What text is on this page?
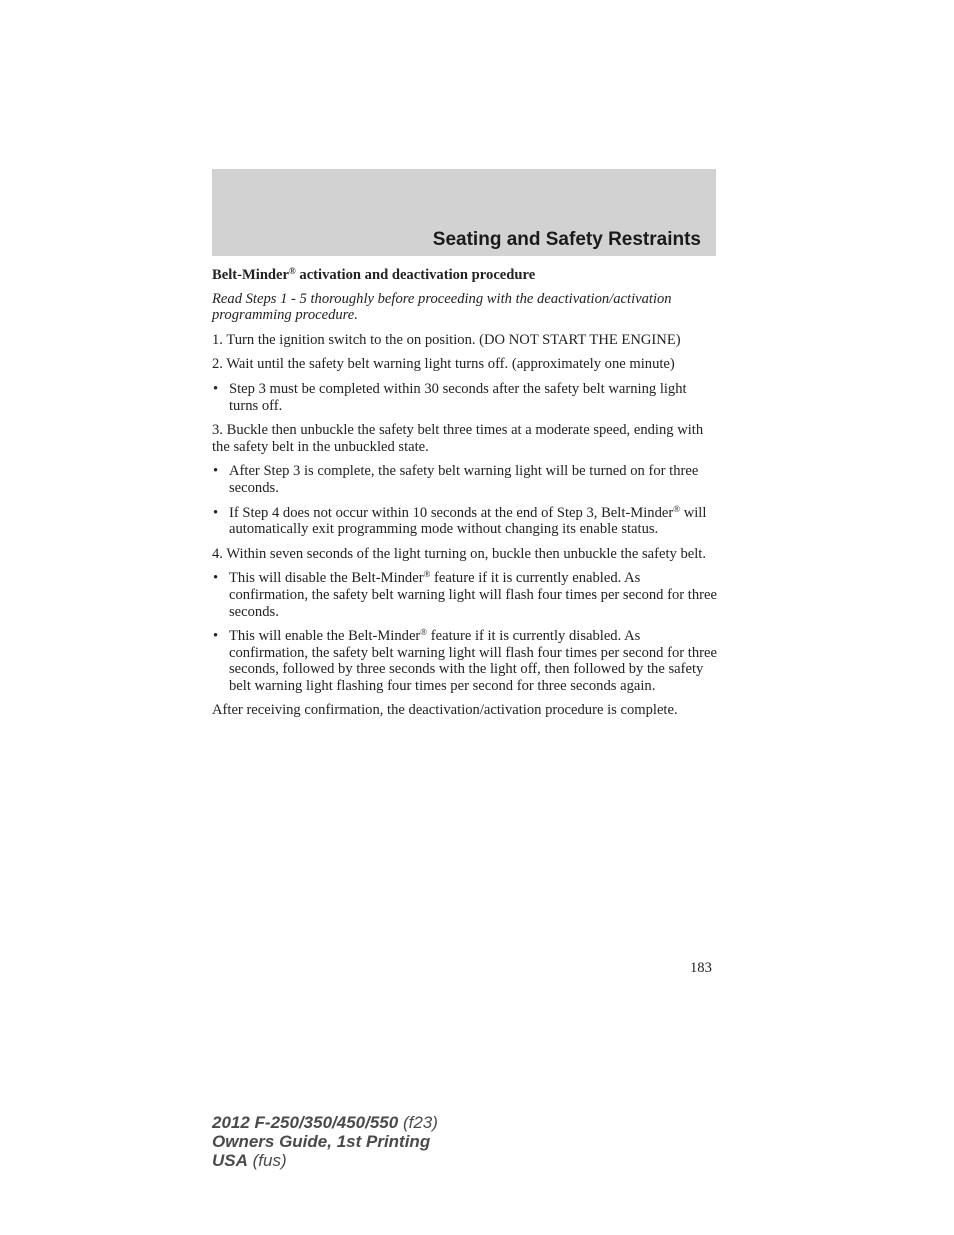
Seating and Safety Restraints

Belt-Minder® activation and deactivation procedure

Read Steps 1 - 5 thoroughly before proceeding with the deactivation/activation programming procedure.

1. Turn the ignition switch to the on position. (DO NOT START THE ENGINE)

2. Wait until the safety belt warning light turns off. (approximately one minute)

• Step 3 must be completed within 30 seconds after the safety belt warning light turns off.

3. Buckle then unbuckle the safety belt three times at a moderate speed, ending with the safety belt in the unbuckled state.

• After Step 3 is complete, the safety belt warning light will be turned on for three seconds.
• If Step 4 does not occur within 10 seconds at the end of Step 3, Belt-Minder® will automatically exit programming mode without changing its enable status.

4. Within seven seconds of the light turning on, buckle then unbuckle the safety belt.

• This will disable the Belt-Minder® feature if it is currently enabled. As confirmation, the safety belt warning light will flash four times per second for three seconds.
• This will enable the Belt-Minder® feature if it is currently disabled. As confirmation, the safety belt warning light will flash four times per second for three seconds, followed by three seconds with the light off, then followed by the safety belt warning light flashing four times per second for three seconds again.

After receiving confirmation, the deactivation/activation procedure is complete.

183
2012 F-250/350/450/550 (f23)
Owners Guide, 1st Printing
USA (fus)
